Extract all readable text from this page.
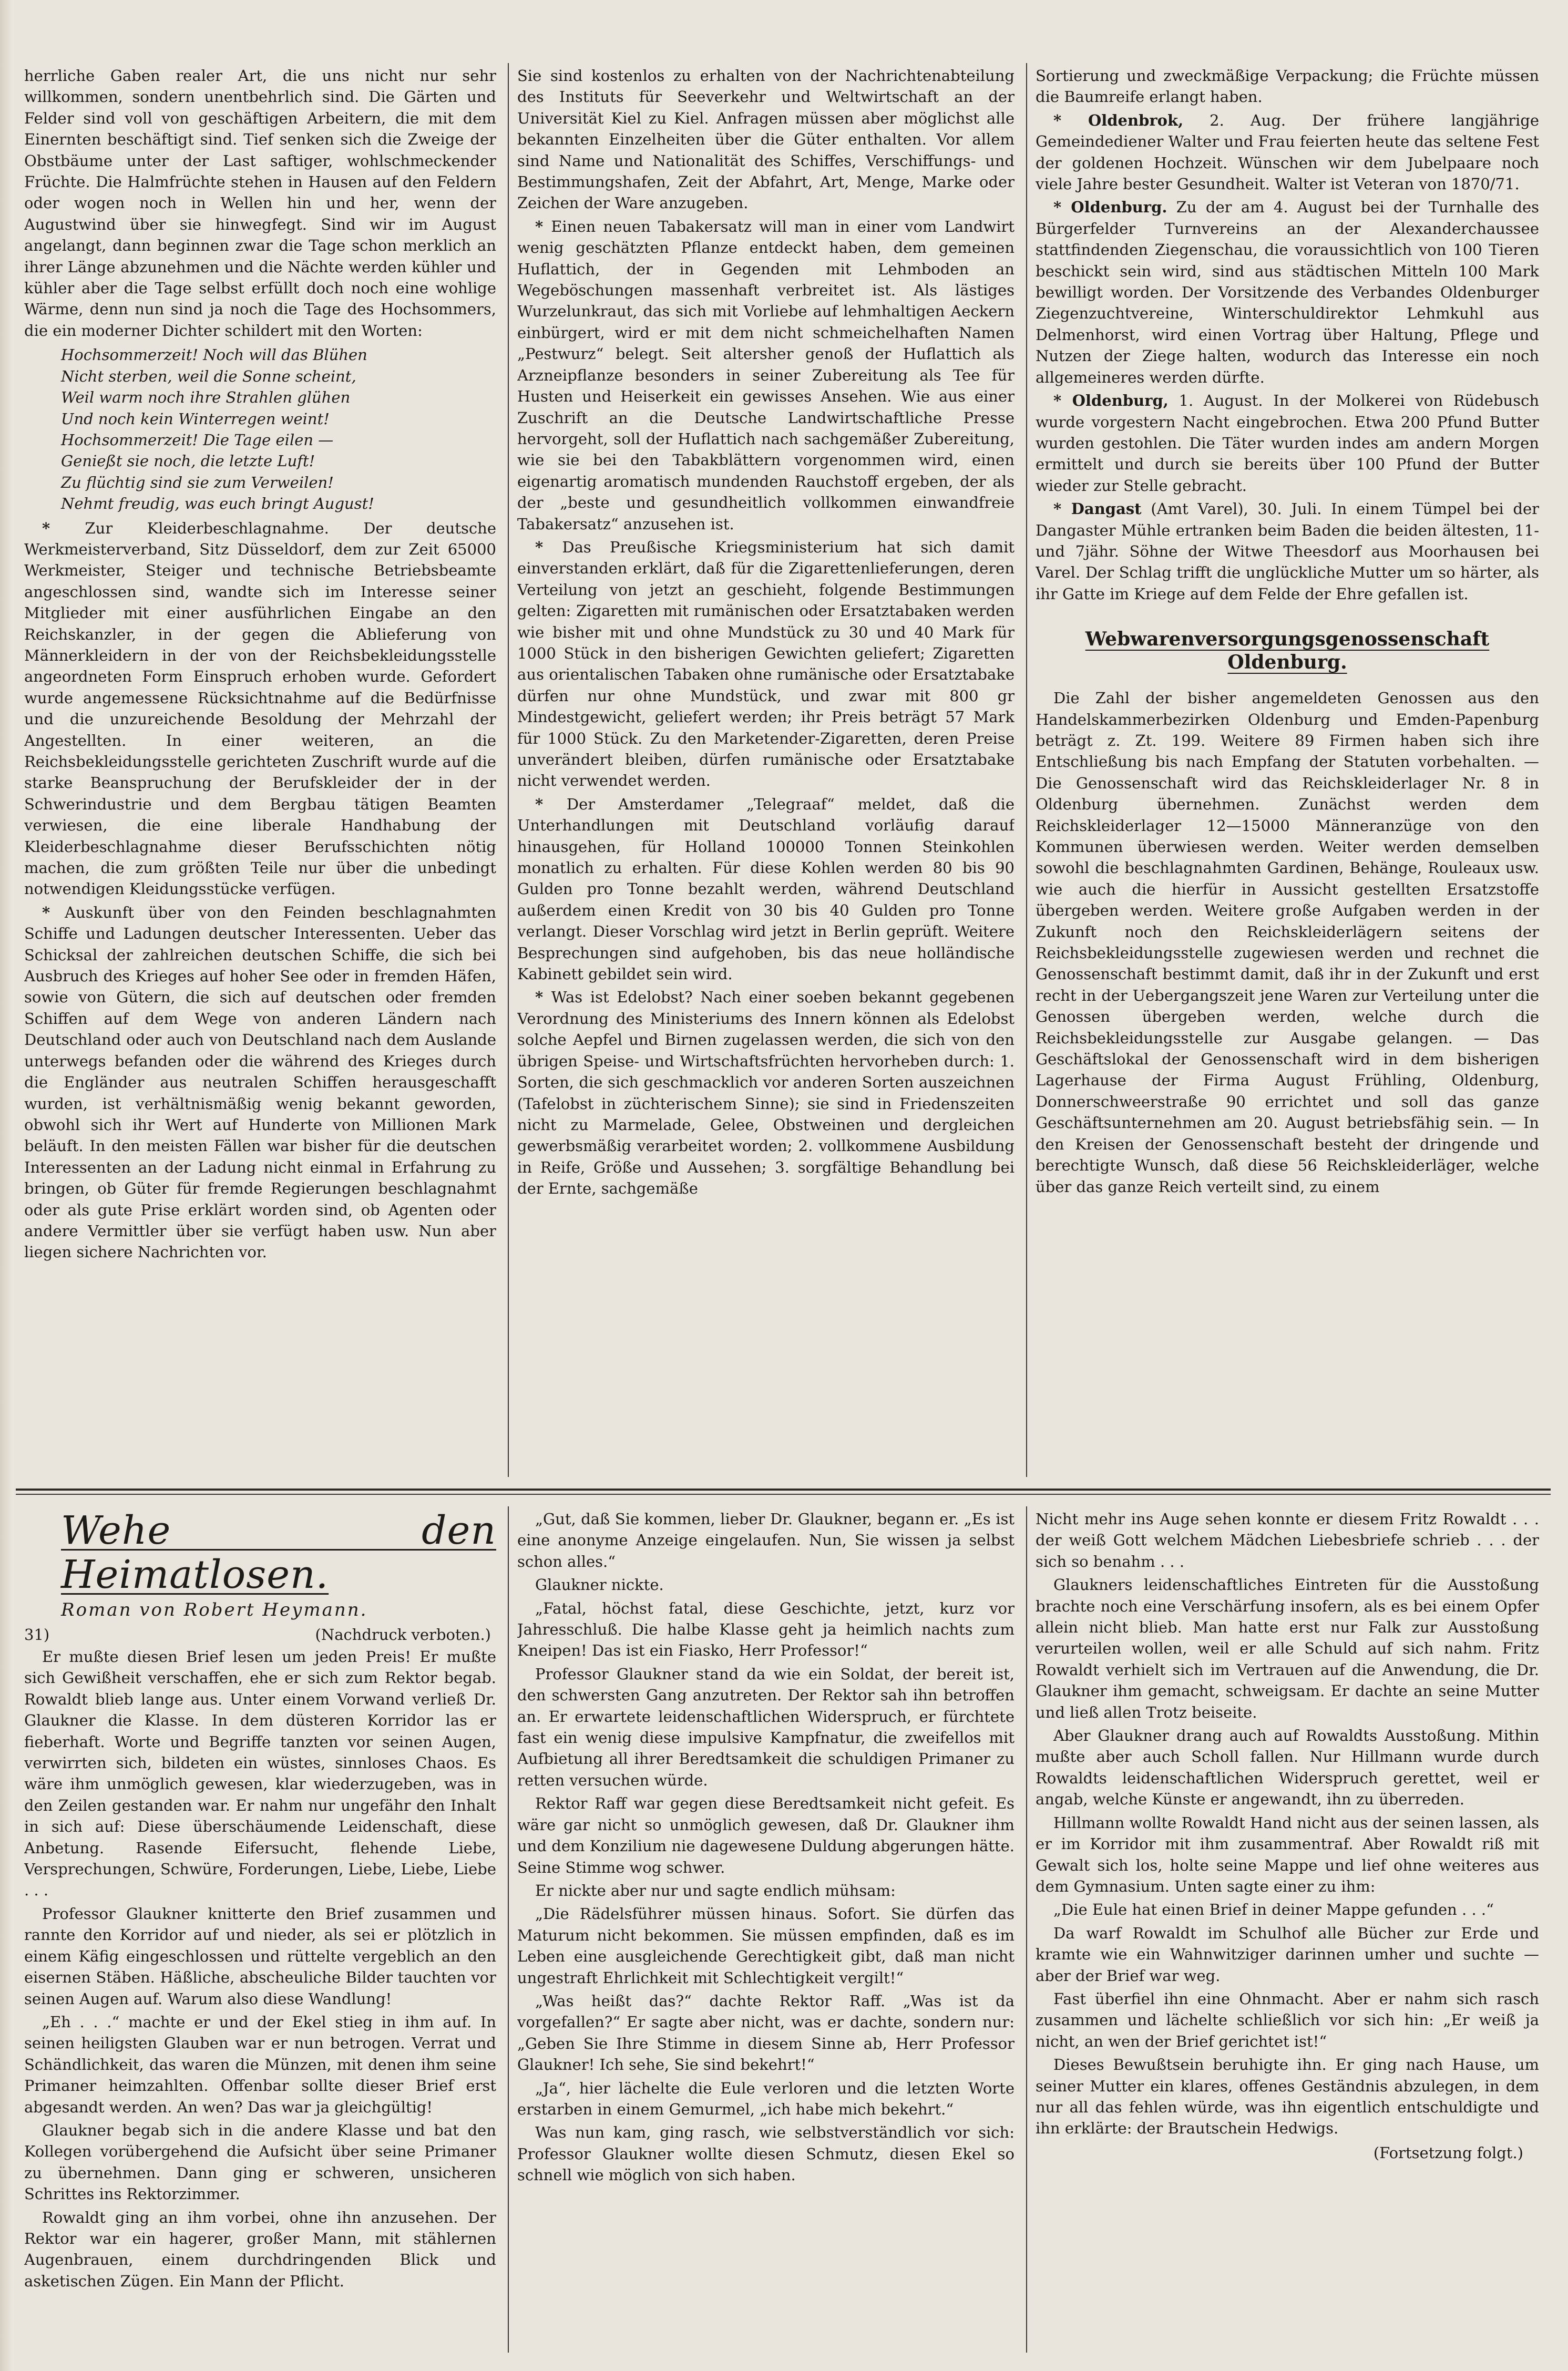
herrliche Gaben realer Art, die uns nicht nur sehr willkommen, sondern unentbehrlich sind. Die Gärten und Felder sind voll von geschäftigen Arbeitern, die mit dem Einernten beschäftigt sind. Tief senken sich die Zweige der Obstbäume unter der Last saftiger, wohlschmeckender Früchte. Die Halmfrüchte stehen in Hausen auf den Feldern oder wogen noch in Wellen hin und her, wenn der Augustwind über sie hinwegfegt. Sind wir im August angelangt, dann beginnen zwar die Tage schon merklich an ihrer Länge abzunehmen und die Nächte werden kühler und kühler aber die Tage selbst erfüllt doch noch eine wohlige Wärme, denn nun sind ja noch die Tage des Hochsommers, die ein moderner Dichter schildert mit den Worten:

Hochsommerzeit! Noch will das Blühen
Nicht sterben, weil die Sonne scheint,
Weil warm noch ihre Strahlen glühen
Und noch kein Winterregen weint!
Hochsommerzeit! Die Tage eilen —
Genießt sie noch, die letzte Luft!
Zu flüchtig sind sie zum Verweilen!
Nehmt freudig, was euch bringt August!

* Zur Kleiderbeschlagnahme. Der deutsche Werkmeisterverband, Sitz Düsseldorf, dem zur Zeit 65000 Werkmeister, Steiger und technische Betriebsbeamte angeschlossen sind, wandte sich im Interesse seiner Mitglieder mit einer ausführlichen Eingabe an den Reichskanzler, in der gegen die Ablieferung von Männerkleidern in der von der Reichsbekleidungsstelle angeordneten Form Einspruch erhoben wurde. Gefordert wurde angemessene Rücksichtnahme auf die Bedürfnisse und die unzureichende Besoldung der Mehrzahl der Angestellten. In einer weiteren, an die Reichsbekleidungsstelle gerichteten Zuschrift wurde auf die starke Beanspruchung der Berufskleider der in der Schwerindustrie und dem Bergbau tätigen Beamten verwiesen, die eine liberale Handhabung der Kleiderbeschlagnahme dieser Berufsschichten nötig machen, die zum größten Teile nur über die unbedingt notwendigen Kleidungsstücke verfügen.

* Auskunft über von den Feinden beschlagnahmten Schiffe und Ladungen deutscher Interessenten. Ueber das Schicksal der zahlreichen deutschen Schiffe, die sich bei Ausbruch des Krieges auf hoher See oder in fremden Häfen, sowie von Gütern, die sich auf deutschen oder fremden Schiffen auf dem Wege von anderen Ländern nach Deutschland oder auch von Deutschland nach dem Auslande unterwegs befanden oder die während des Krieges durch die Engländer aus neutralen Schiffen herausgeschafft wurden, ist verhältnismäßig wenig bekannt geworden, obwohl sich ihr Wert auf Hunderte von Millionen Mark beläuft. In den meisten Fällen war bisher für die deutschen Interessenten an der Ladung nicht einmal in Erfahrung zu bringen, ob Güter für fremde Regierungen beschlagnahmt oder als gute Prise erklärt worden sind, ob Agenten oder andere Vermittler über sie verfügt haben usw. Nun aber liegen sichere Nachrichten vor.

Sie sind kostenlos zu erhalten von der Nachrichtenabteilung des Instituts für Seeverkehr und Weltwirtschaft an der Universität Kiel zu Kiel. Anfragen müssen aber möglichst alle bekannten Einzelheiten über die Güter enthalten. Vor allem sind Name und Nationalität des Schiffes, Verschiffungs- und Bestimmungshafen, Zeit der Abfahrt, Art, Menge, Marke oder Zeichen der Ware anzugeben.

* Einen neuen Tabakersatz will man in einer vom Landwirt wenig geschätzten Pflanze entdeckt haben, dem gemeinen Huflattich, der in Gegenden mit Lehmboden an Wegeböschungen massenhaft verbreitet ist. Als lästiges Wurzelunkraut, das sich mit Vorliebe auf lehmhaltigen Aeckern einbürgert, wird er mit dem nicht schmeichelhaften Namen „Pestwurz“ belegt. Seit altersher genoß der Huflattich als Arzneipflanze besonders in seiner Zubereitung als Tee für Husten und Heiserkeit ein gewisses Ansehen. Wie aus einer Zuschrift an die Deutsche Landwirtschaftliche Presse hervorgeht, soll der Huflattich nach sachgemäßer Zubereitung, wie sie bei den Tabakblättern vorgenommen wird, einen eigenartig aromatisch mundenden Rauchstoff ergeben, der als der „beste und gesundheitlich vollkommen einwandfreie Tabakersatz“ anzusehen ist.

* Das Preußische Kriegsministerium hat sich damit einverstanden erklärt, daß für die Zigarettenlieferungen, deren Verteilung von jetzt an geschieht, folgende Bestimmungen gelten: Zigaretten mit rumänischen oder Ersatztabaken werden wie bisher mit und ohne Mundstück zu 30 und 40 Mark für 1000 Stück in den bisherigen Gewichten geliefert; Zigaretten aus orientalischen Tabaken ohne rumänische oder Ersatztabake dürfen nur ohne Mundstück, und zwar mit 800 gr Mindestgewicht, geliefert werden; ihr Preis beträgt 57 Mark für 1000 Stück. Zu den Marketender-Zigaretten, deren Preise unverändert bleiben, dürfen rumänische oder Ersatztabake nicht verwendet werden.

* Der Amsterdamer „Telegraaf“ meldet, daß die Unterhandlungen mit Deutschland vorläufig darauf hinausgehen, für Holland 100000 Tonnen Steinkohlen monatlich zu erhalten. Für diese Kohlen werden 80 bis 90 Gulden pro Tonne bezahlt werden, während Deutschland außerdem einen Kredit von 30 bis 40 Gulden pro Tonne verlangt. Dieser Vorschlag wird jetzt in Berlin geprüft. Weitere Besprechungen sind aufgehoben, bis das neue holländische Kabinett gebildet sein wird.

* Was ist Edelobst? Nach einer soeben bekannt gegebenen Verordnung des Ministeriums des Innern können als Edelobst solche Aepfel und Birnen zugelassen werden, die sich von den übrigen Speise- und Wirtschaftsfrüchten hervorheben durch: 1. Sorten, die sich geschmacklich vor anderen Sorten auszeichnen (Tafelobst in züchterischem Sinne); sie sind in Friedenszeiten nicht zu Marmelade, Gelee, Obstweinen und dergleichen gewerbsmäßig verarbeitet worden; 2. vollkommene Ausbildung in Reife, Größe und Aussehen; 3. sorgfältige Behandlung bei der Ernte, sachgemäße

Sortierung und zweckmäßige Verpackung; die Früchte müssen die Baumreife erlangt haben.

* Oldenbrok, 2. Aug. Der frühere langjährige Gemeindediener Walter und Frau feierten heute das seltene Fest der goldenen Hochzeit. Wünschen wir dem Jubelpaare noch viele Jahre bester Gesundheit. Walter ist Veteran von 1870/71.

* Oldenburg. Zu der am 4. August bei der Turnhalle des Bürgerfelder Turnvereins an der Alexanderchaussee stattfindenden Ziegenschau, die voraussichtlich von 100 Tieren beschickt sein wird, sind aus städtischen Mitteln 100 Mark bewilligt worden. Der Vorsitzende des Verbandes Oldenburger Ziegenzuchtvereine, Winterschuldirektor Lehmkuhl aus Delmenhorst, wird einen Vortrag über Haltung, Pflege und Nutzen der Ziege halten, wodurch das Interesse ein noch allgemeineres werden dürfte.

* Oldenburg, 1. August. In der Molkerei von Rüdebusch wurde vorgestern Nacht eingebrochen. Etwa 200 Pfund Butter wurden gestohlen. Die Täter wurden indes am andern Morgen ermittelt und durch sie bereits über 100 Pfund der Butter wieder zur Stelle gebracht.

* Dangast (Amt Varel), 30. Juli. In einem Tümpel bei der Dangaster Mühle ertranken beim Baden die beiden ältesten, 11- und 7jähr. Söhne der Witwe Theesdorf aus Moorhausen bei Varel. Der Schlag trifft die unglückliche Mutter um so härter, als ihr Gatte im Kriege auf dem Felde der Ehre gefallen ist.

Webwarenversorgungsgenossenschaft Oldenburg.

Die Zahl der bisher angemeldeten Genossen aus den Handelskammerbezirken Oldenburg und Emden-Papenburg beträgt z. Zt. 199. Weitere 89 Firmen haben sich ihre Entschließung bis nach Empfang der Statuten vorbehalten. — Die Genossenschaft wird das Reichskleiderlager Nr. 8 in Oldenburg übernehmen. Zunächst werden dem Reichskleiderlager 12—15000 Männeranzüge von den Kommunen überwiesen werden. Weiter werden demselben sowohl die beschlagnahmten Gardinen, Behänge, Rouleaux usw. wie auch die hierfür in Aussicht gestellten Ersatzstoffe übergeben werden. Weitere große Aufgaben werden in der Zukunft noch den Reichskleiderlägern seitens der Reichsbekleidungsstelle zugewiesen werden und rechnet die Genossenschaft bestimmt damit, daß ihr in der Zukunft und erst recht in der Uebergangszeit jene Waren zur Verteilung unter die Genossen übergeben werden, welche durch die Reichsbekleidungsstelle zur Ausgabe gelangen. — Das Geschäftslokal der Genossenschaft wird in dem bisherigen Lagerhause der Firma August Frühling, Oldenburg, Donnerschweerstraße 90 errichtet und soll das ganze Geschäftsunternehmen am 20. August betriebsfähig sein. — In den Kreisen der Genossenschaft besteht der dringende und berechtigte Wunsch, daß diese 56 Reichskleiderläger, welche über das ganze Reich verteilt sind, zu einem

Wehe den Heimatlosen.
Roman von Robert Heymann.
31)	(Nachdruck verboten.)

Er mußte diesen Brief lesen um jeden Preis! Er mußte sich Gewißheit verschaffen, ehe er sich zum Rektor begab. Rowaldt blieb lange aus. Unter einem Vorwand verließ Dr. Glaukner die Klasse. In dem düsteren Korridor las er fieberhaft. Worte und Begriffe tanzten vor seinen Augen, verwirrten sich, bildeten ein wüstes, sinnloses Chaos. Es wäre ihm unmöglich gewesen, klar wiederzugeben, was in den Zeilen gestanden war. Er nahm nur ungefähr den Inhalt in sich auf: Diese überschäumende Leidenschaft, diese Anbetung. Rasende Eifersucht, flehende Liebe, Versprechungen, Schwüre, Forderungen, Liebe, Liebe, Liebe . . .

Professor Glaukner knitterte den Brief zusammen und rannte den Korridor auf und nieder, als sei er plötzlich in einem Käfig eingeschlossen und rüttelte vergeblich an den eisernen Stäben. Häßliche, abscheuliche Bilder tauchten vor seinen Augen auf. Warum also diese Wandlung!

„Eh . . .“ machte er und der Ekel stieg in ihm auf. In seinen heiligsten Glauben war er nun betrogen. Verrat und Schändlichkeit, das waren die Münzen, mit denen ihm seine Primaner heimzahlten. Offenbar sollte dieser Brief erst abgesandt werden. An wen? Das war ja gleichgültig!

Glaukner begab sich in die andere Klasse und bat den Kollegen vorübergehend die Aufsicht über seine Primaner zu übernehmen. Dann ging er schweren, unsicheren Schrittes ins Rektorzimmer.

Rowaldt ging an ihm vorbei, ohne ihn anzusehen. Der Rektor war ein hagerer, großer Mann, mit stählernen Augenbrauen, einem durchdringenden Blick und asketischen Zügen. Ein Mann der Pflicht.

„Gut, daß Sie kommen, lieber Dr. Glaukner, begann er. „Es ist eine anonyme Anzeige eingelaufen. Nun, Sie wissen ja selbst schon alles.“

Glaukner nickte.

„Fatal, höchst fatal, diese Geschichte, jetzt, kurz vor Jahresschluß. Die halbe Klasse geht ja heimlich nachts zum Kneipen! Das ist ein Fiasko, Herr Professor!“

Professor Glaukner stand da wie ein Soldat, der bereit ist, den schwersten Gang anzutreten. Der Rektor sah ihn betroffen an. Er erwartete leidenschaftlichen Widerspruch, er fürchtete fast ein wenig diese impulsive Kampfnatur, die zweifellos mit Aufbietung all ihrer Beredtsamkeit die schuldigen Primaner zu retten versuchen würde.

Rektor Raff war gegen diese Beredtsamkeit nicht gefeit. Es wäre gar nicht so unmöglich gewesen, daß Dr. Glaukner ihm und dem Konzilium nie dagewesene Duldung abgerungen hätte. Seine Stimme wog schwer.

Er nickte aber nur und sagte endlich mühsam:

„Die Rädelsführer müssen hinaus. Sofort. Sie dürfen das Maturum nicht bekommen. Sie müssen empfinden, daß es im Leben eine ausgleichende Gerechtigkeit gibt, daß man nicht ungestraft Ehrlichkeit mit Schlechtigkeit vergilt!“

„Was heißt das?“ dachte Rektor Raff. „Was ist da vorgefallen?“ Er sagte aber nicht, was er dachte, sondern nur: „Geben Sie Ihre Stimme in diesem Sinne ab, Herr Professor Glaukner! Ich sehe, Sie sind bekehrt!“

„Ja“, hier lächelte die Eule verloren und die letzten Worte erstarben in einem Gemurmel, „ich habe mich bekehrt.“

Was nun kam, ging rasch, wie selbstverständlich vor sich: Professor Glaukner wollte diesen Schmutz, diesen Ekel so schnell wie möglich von sich haben.

Nicht mehr ins Auge sehen konnte er diesem Fritz Rowaldt . . . der weiß Gott welchem Mädchen Liebesbriefe schrieb . . . der sich so benahm . . .

Glaukners leidenschaftliches Eintreten für die Ausstoßung brachte noch eine Verschärfung insofern, als es bei einem Opfer allein nicht blieb. Man hatte erst nur Falk zur Ausstoßung verurteilen wollen, weil er alle Schuld auf sich nahm. Fritz Rowaldt verhielt sich im Vertrauen auf die Anwendung, die Dr. Glaukner ihm gemacht, schweigsam. Er dachte an seine Mutter und ließ allen Trotz beiseite.

Aber Glaukner drang auch auf Rowaldts Ausstoßung. Mithin mußte aber auch Scholl fallen. Nur Hillmann wurde durch Rowaldts leidenschaftlichen Widerspruch gerettet, weil er angab, welche Künste er angewandt, ihn zu überreden.

Hillmann wollte Rowaldt Hand nicht aus der seinen lassen, als er im Korridor mit ihm zusammentraf. Aber Rowaldt riß mit Gewalt sich los, holte seine Mappe und lief ohne weiteres aus dem Gymnasium. Unten sagte einer zu ihm:

„Die Eule hat einen Brief in deiner Mappe gefunden . . .“

Da warf Rowaldt im Schulhof alle Bücher zur Erde und kramte wie ein Wahnwitziger darinnen umher und suchte — aber der Brief war weg.

Fast überfiel ihn eine Ohnmacht. Aber er nahm sich rasch zusammen und lächelte schließlich vor sich hin: „Er weiß ja nicht, an wen der Brief gerichtet ist!“

Dieses Bewußtsein beruhigte ihn. Er ging nach Hause, um seiner Mutter ein klares, offenes Geständnis abzulegen, in dem nur all das fehlen würde, was ihn eigentlich entschuldigte und ihn erklärte: der Brautschein Hedwigs.

(Fortsetzung folgt.)
